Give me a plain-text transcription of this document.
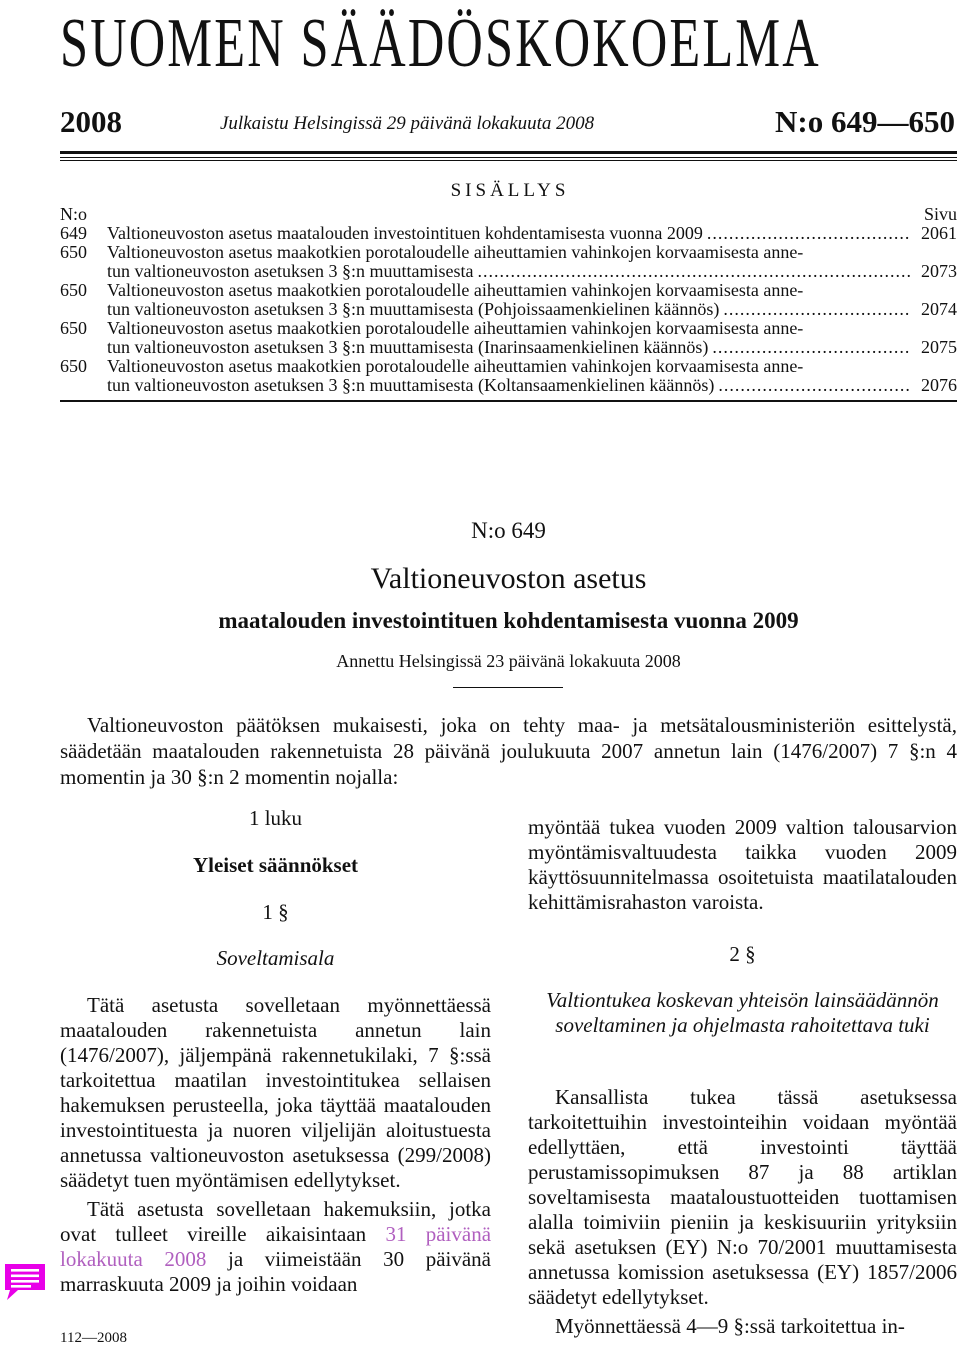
SUOMEN SÄÄDÖSKOKOELMA
2008	Julkaistu Helsingissä 29 päivänä lokakuuta 2008	N:o 649—650
SISÄLLYS
N:o	Sivu
649 Valtioneuvoston asetus maatalouden investointituen kohdentamisesta vuonna 2009 .....	2061
650 Valtioneuvoston asetus maakotkien porotaloudelle aiheuttamien vahinkojen korvaamisesta anne-
tun valtioneuvoston asetuksen 3 §:n muuttamisesta .....	2073
650 Valtioneuvoston asetus maakotkien porotaloudelle aiheuttamien vahinkojen korvaamisesta anne-
tun valtioneuvoston asetuksen 3 §:n muuttamisesta (Pohjoissaamenkielinen käännös) .....	2074
650 Valtioneuvoston asetus maakotkien porotaloudelle aiheuttamien vahinkojen korvaamisesta anne-
tun valtioneuvoston asetuksen 3 §:n muuttamisesta (Inarinsaamenkielinen käännös) .....	2075
650 Valtioneuvoston asetus maakotkien porotaloudelle aiheuttamien vahinkojen korvaamisesta anne-
tun valtioneuvoston asetuksen 3 §:n muuttamisesta (Koltansaamenkielinen käännös) .....	2076
N:o 649
Valtioneuvoston asetus
maatalouden investointituen kohdentamisesta vuonna 2009
Annettu Helsingissä 23 päivänä lokakuuta 2008
Valtioneuvoston päätöksen mukaisesti, joka on tehty maa- ja metsätalousministeriön esittelystä, säädetään maatalouden rakennetuista 28 päivänä joulukuuta 2007 annetun lain (1476/2007) 7 §:n 4 momentin ja 30 §:n 2 momentin nojalla:
1 luku
Yleiset säännökset
1 §
Soveltamisala

Tätä asetusta sovelletaan myönnettäessä maatalouden rakennetuista annetun lain (1476/2007), jäljempänä rakennetukilaki, 7 §:ssä tarkoitettua maatilan investointitukea sellaisen hakemuksen perusteella, joka täyttää maatalouden investointituesta ja nuoren viljelijän aloitustuesta annetussa valtioneuvoston asetuksessa (299/2008) säädetyt tuen myöntämisen edellytykset.

Tätä asetusta sovelletaan hakemuksiin, jotka ovat tulleet vireille aikaisintaan 31 päivänä lokakuuta 2008 ja viimeistään 30 päivänä marraskuuta 2009 ja joihin voidaan

myöntää tukea vuoden 2009 valtion talousarvion myöntämisvaltuudesta taikka vuoden 2009 käyttösuunnitelmassa osoitetuista maatilatalouden kehittämisrahaston varoista.
2 §
Valtiontukea koskevan yhteisön lainsäädännön soveltaminen ja ohjelmasta rahoitettava tuki

Kansallista tukea tässä asetuksessa tarkoitettuihin investointeihin voidaan myöntää edellyttäen, että investointi täyttää perustamissopimuksen 87 ja 88 artiklan soveltamisesta maataloustuotteiden tuottamisen alalla toimiviin pieniin ja keskisuuriin yrityksiin sekä asetuksen (EY) N:o 70/2001 muuttamisesta annetussa komission asetuksessa (EY) 1857/2006 säädetyt edellytykset.

Myönnettäessä 4—9 §:ssä tarkoitettua in-

112—2008
